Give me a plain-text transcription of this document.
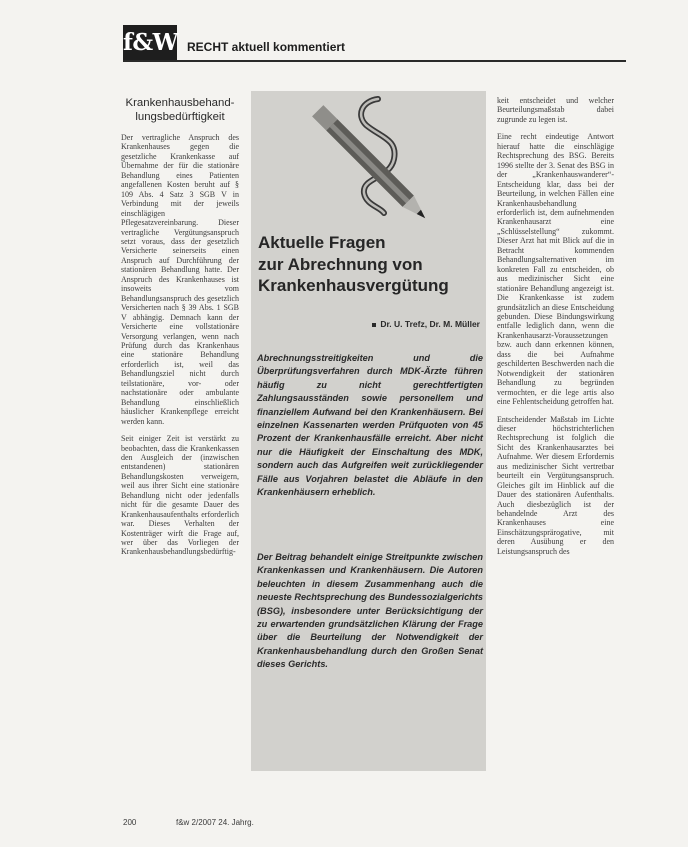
f&W RECHT aktuell kommentiert
Krankenhausbehand-
lungsbedürftigkeit

Der vertragliche Anspruch des Krankenhauses gegen die gesetzliche Krankenkasse auf Übernahme der für die stationäre Behandlung eines Patienten angefallenen Kosten beruht auf § 109 Abs. 4 Satz 3 SGB V in Verbindung mit der jeweils einschlägigen Pflegesatzvereinbarung. Dieser vertragliche Vergütungsanspruch setzt voraus, dass der gesetzlich Versicherte seinerseits einen Anspruch auf Durchführung der stationären Behandlung hatte. Der Anspruch des Krankenhauses ist insoweits vom Behandlungsanspruch des gesetzlich Versicherten nach § 39 Abs. 1 SGB V abhängig. Demnach kann der Versicherte eine vollstationäre Versorgung verlangen, wenn nach Prüfung durch das Krankenhaus eine stationäre Behandlung erforderlich ist, weil das Behandlungsziel nicht durch teilstationäre, vor- oder nachstationäre oder ambulante Behandlung einschließlich häuslicher Krankenpflege erreicht werden kann.

Seit einiger Zeit ist verstärkt zu beobachten, dass die Krankenkassen den Ausgleich der (inzwischen entstandenen) stationären Behandlungskosten verweigern, weil aus ihrer Sicht eine stationäre Behandlung nicht oder jedenfalls nicht für die gesamte Dauer des Krankenhausaufenthalts erforderlich war. Dieses Verhalten der Kostenträger wirft die Frage auf, wer über das Vorliegen der Krankenhausbehandlungsbedürftig-

Aktuelle Fragen
zur Abrechnung von
Krankenhausvergütung
Dr. U. Trefz, Dr. M. Müller

Abrechnungsstreitigkeiten und die Überprüfungsverfahren durch MDK-Ärzte führen häufig zu nicht gerechtfertigten Zahlungsausständen sowie personellem und finanziellem Aufwand bei den Krankenhäusern. Bei einzelnen Kassenarten werden Prüfquoten von 45 Prozent der Krankenhausfälle erreicht. Aber nicht nur die Häufigkeit der Einschaltung des MDK, sondern auch das Aufgreifen weit zurückliegender Fälle aus Vorjahren belastet die Abläufe in den Krankenhäusern erheblich.

Der Beitrag behandelt einige Streitpunkte zwischen Krankenkassen und Krankenhäusern. Die Autoren beleuchten in diesem Zusammenhang auch die neueste Rechtsprechung des Bundessozialgerichts (BSG), insbesondere unter Berücksichtigung der zu erwartenden grundsätzlichen Klärung der Frage über die Beurteilung der Notwendigkeit der Krankenhausbehandlung durch den Großen Senat dieses Gerichts.

keit entscheidet und welcher Beurteilungsmaßstab dabei zugrunde zu legen ist.

Eine recht eindeutige Antwort hierauf hatte die einschlägige Rechtsprechung des BSG. Bereits 1996 stellte der 3. Senat des BSG in der „Krankenhauswanderer“-Entscheidung klar, dass bei der Beurteilung, in welchen Fällen eine Krankenhausbehandlung erforderlich ist, dem aufnehmenden Krankenhausarzt eine „Schlüsselstellung“ zukommt. Dieser Arzt hat mit Blick auf die in Betracht kommenden Behandlungsalternativen im konkreten Fall zu entscheiden, ob aus medizinischer Sicht eine stationäre Behandlung angezeigt ist. Die Krankenkasse ist zudem grundsätzlich an diese Entscheidung gebunden. Diese Bindungswirkung entfalle lediglich dann, wenn die Krankenhausarzt-Voraussetzungen bzw. auch dann erkennen können, dass die bei Aufnahme geschilderten Beschwerden nach die Notwendigkeit der stationären Behandlung zu begründen vermochten, er die lege artis also eine Fehlentscheidung getroffen hat.

Entscheidender Maßstab im Lichte dieser höchstrichterlichen Rechtsprechung ist folglich die Sicht des Krankenhausarztes bei Aufnahme. Wer diesem Erfordernis aus medizinischer Sicht vertretbar beurteilt ein Vergütungsanspruch. Gleiches gilt im Hinblick auf die Dauer des stationären Aufenthalts. Auch diesbezüglich ist der behandelnde Arzt des Krankenhauses eine Einschätzungsprärogative, mit deren Ausübung er den Leistungsanspruch des

200	f&w 2/2007 24. Jahrg.
